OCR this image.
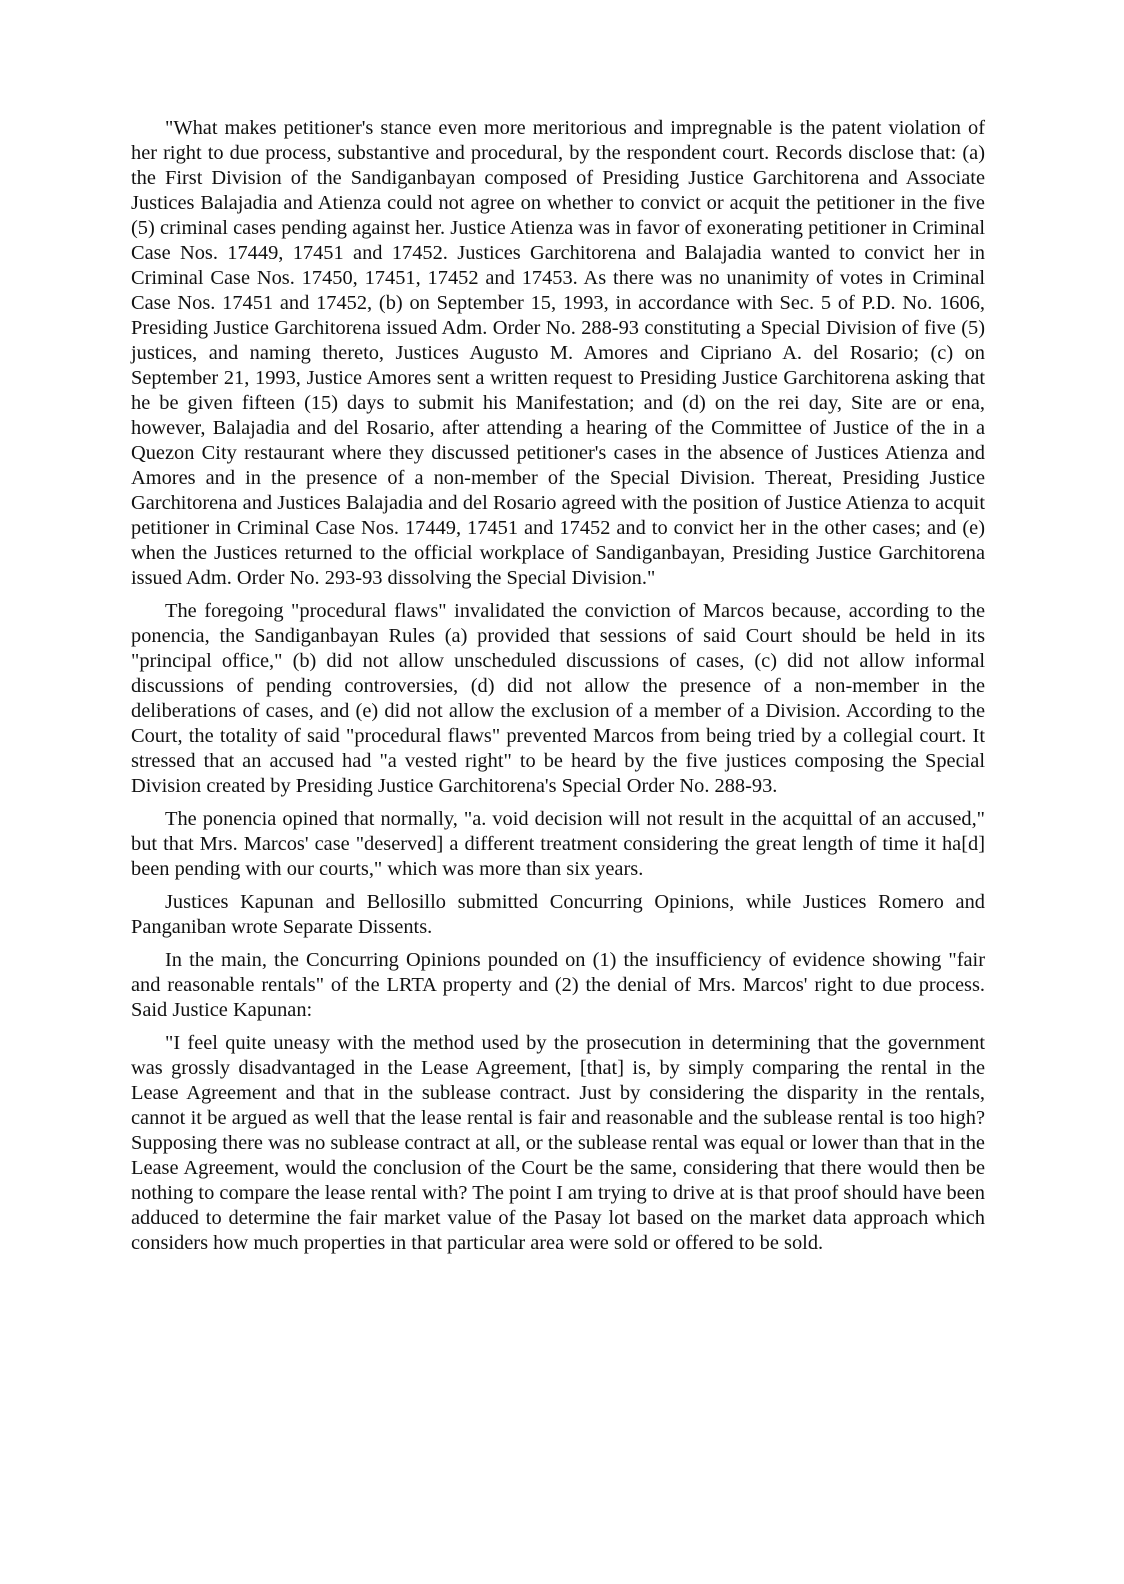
"What makes petitioner's stance even more meritorious and impregnable is the patent violation of her right to due process, substantive and procedural, by the respondent court. Records disclose that: (a) the First Division of the Sandiganbayan composed of Presiding Justice Garchitorena and Associate Justices Balajadia and Atienza could not agree on whether to convict or acquit the petitioner in the five (5) criminal cases pending against her. Justice Atienza was in favor of exonerating petitioner in Criminal Case Nos. 17449, 17451 and 17452. Justices Garchitorena and Balajadia wanted to convict her in Criminal Case Nos. 17450, 17451, 17452 and 17453. As there was no unanimity of votes in Criminal Case Nos. 17451 and 17452, (b) on September 15, 1993, in accordance with Sec. 5 of P.D. No. 1606, Presiding Justice Garchitorena issued Adm. Order No. 288-93 constituting a Special Division of five (5) justices, and naming thereto, Justices Augusto M. Amores and Cipriano A. del Rosario; (c) on September 21, 1993, Justice Amores sent a written request to Presiding Justice Garchitorena asking that he be given fifteen (15) days to submit his Manifestation; and (d) on the rei day, Site are or ena, however, Balajadia and del Rosario, after attending a hearing of the Committee of Justice of the in a Quezon City restaurant where they discussed petitioner's cases in the absence of Justices Atienza and Amores and in the presence of a non-member of the Special Division. Thereat, Presiding Justice Garchitorena and Justices Balajadia and del Rosario agreed with the position of Justice Atienza to acquit petitioner in Criminal Case Nos. 17449, 17451 and 17452 and to convict her in the other cases; and (e) when the Justices returned to the official workplace of Sandiganbayan, Presiding Justice Garchitorena issued Adm. Order No. 293-93 dissolving the Special Division."

The foregoing "procedural flaws" invalidated the conviction of Marcos because, according to the ponencia, the Sandiganbayan Rules (a) provided that sessions of said Court should be held in its "principal office," (b) did not allow unscheduled discussions of cases, (c) did not allow informal discussions of pending controversies, (d) did not allow the presence of a non-member in the deliberations of cases, and (e) did not allow the exclusion of a member of a Division. According to the Court, the totality of said "procedural flaws" prevented Marcos from being tried by a collegial court. It stressed that an accused had "a vested right" to be heard by the five justices composing the Special Division created by Presiding Justice Garchitorena's Special Order No. 288-93.

The ponencia opined that normally, "a. void decision will not result in the acquittal of an accused," but that Mrs. Marcos' case "deserved] a different treatment considering the great length of time it ha[d] been pending with our courts," which was more than six years.

Justices Kapunan and Bellosillo submitted Concurring Opinions, while Justices Romero and Panganiban wrote Separate Dissents.

In the main, the Concurring Opinions pounded on (1) the insufficiency of evidence showing "fair and reasonable rentals" of the LRTA property and (2) the denial of Mrs. Marcos' right to due process. Said Justice Kapunan:

"I feel quite uneasy with the method used by the prosecution in determining that the government was grossly disadvantaged in the Lease Agreement, [that] is, by simply comparing the rental in the Lease Agreement and that in the sublease contract. Just by considering the disparity in the rentals, cannot it be argued as well that the lease rental is fair and reasonable and the sublease rental is too high? Supposing there was no sublease contract at all, or the sublease rental was equal or lower than that in the Lease Agreement, would the conclusion of the Court be the same, considering that there would then be nothing to compare the lease rental with? The point I am trying to drive at is that proof should have been adduced to determine the fair market value of the Pasay lot based on the market data approach which considers how much properties in that particular area were sold or offered to be sold.
